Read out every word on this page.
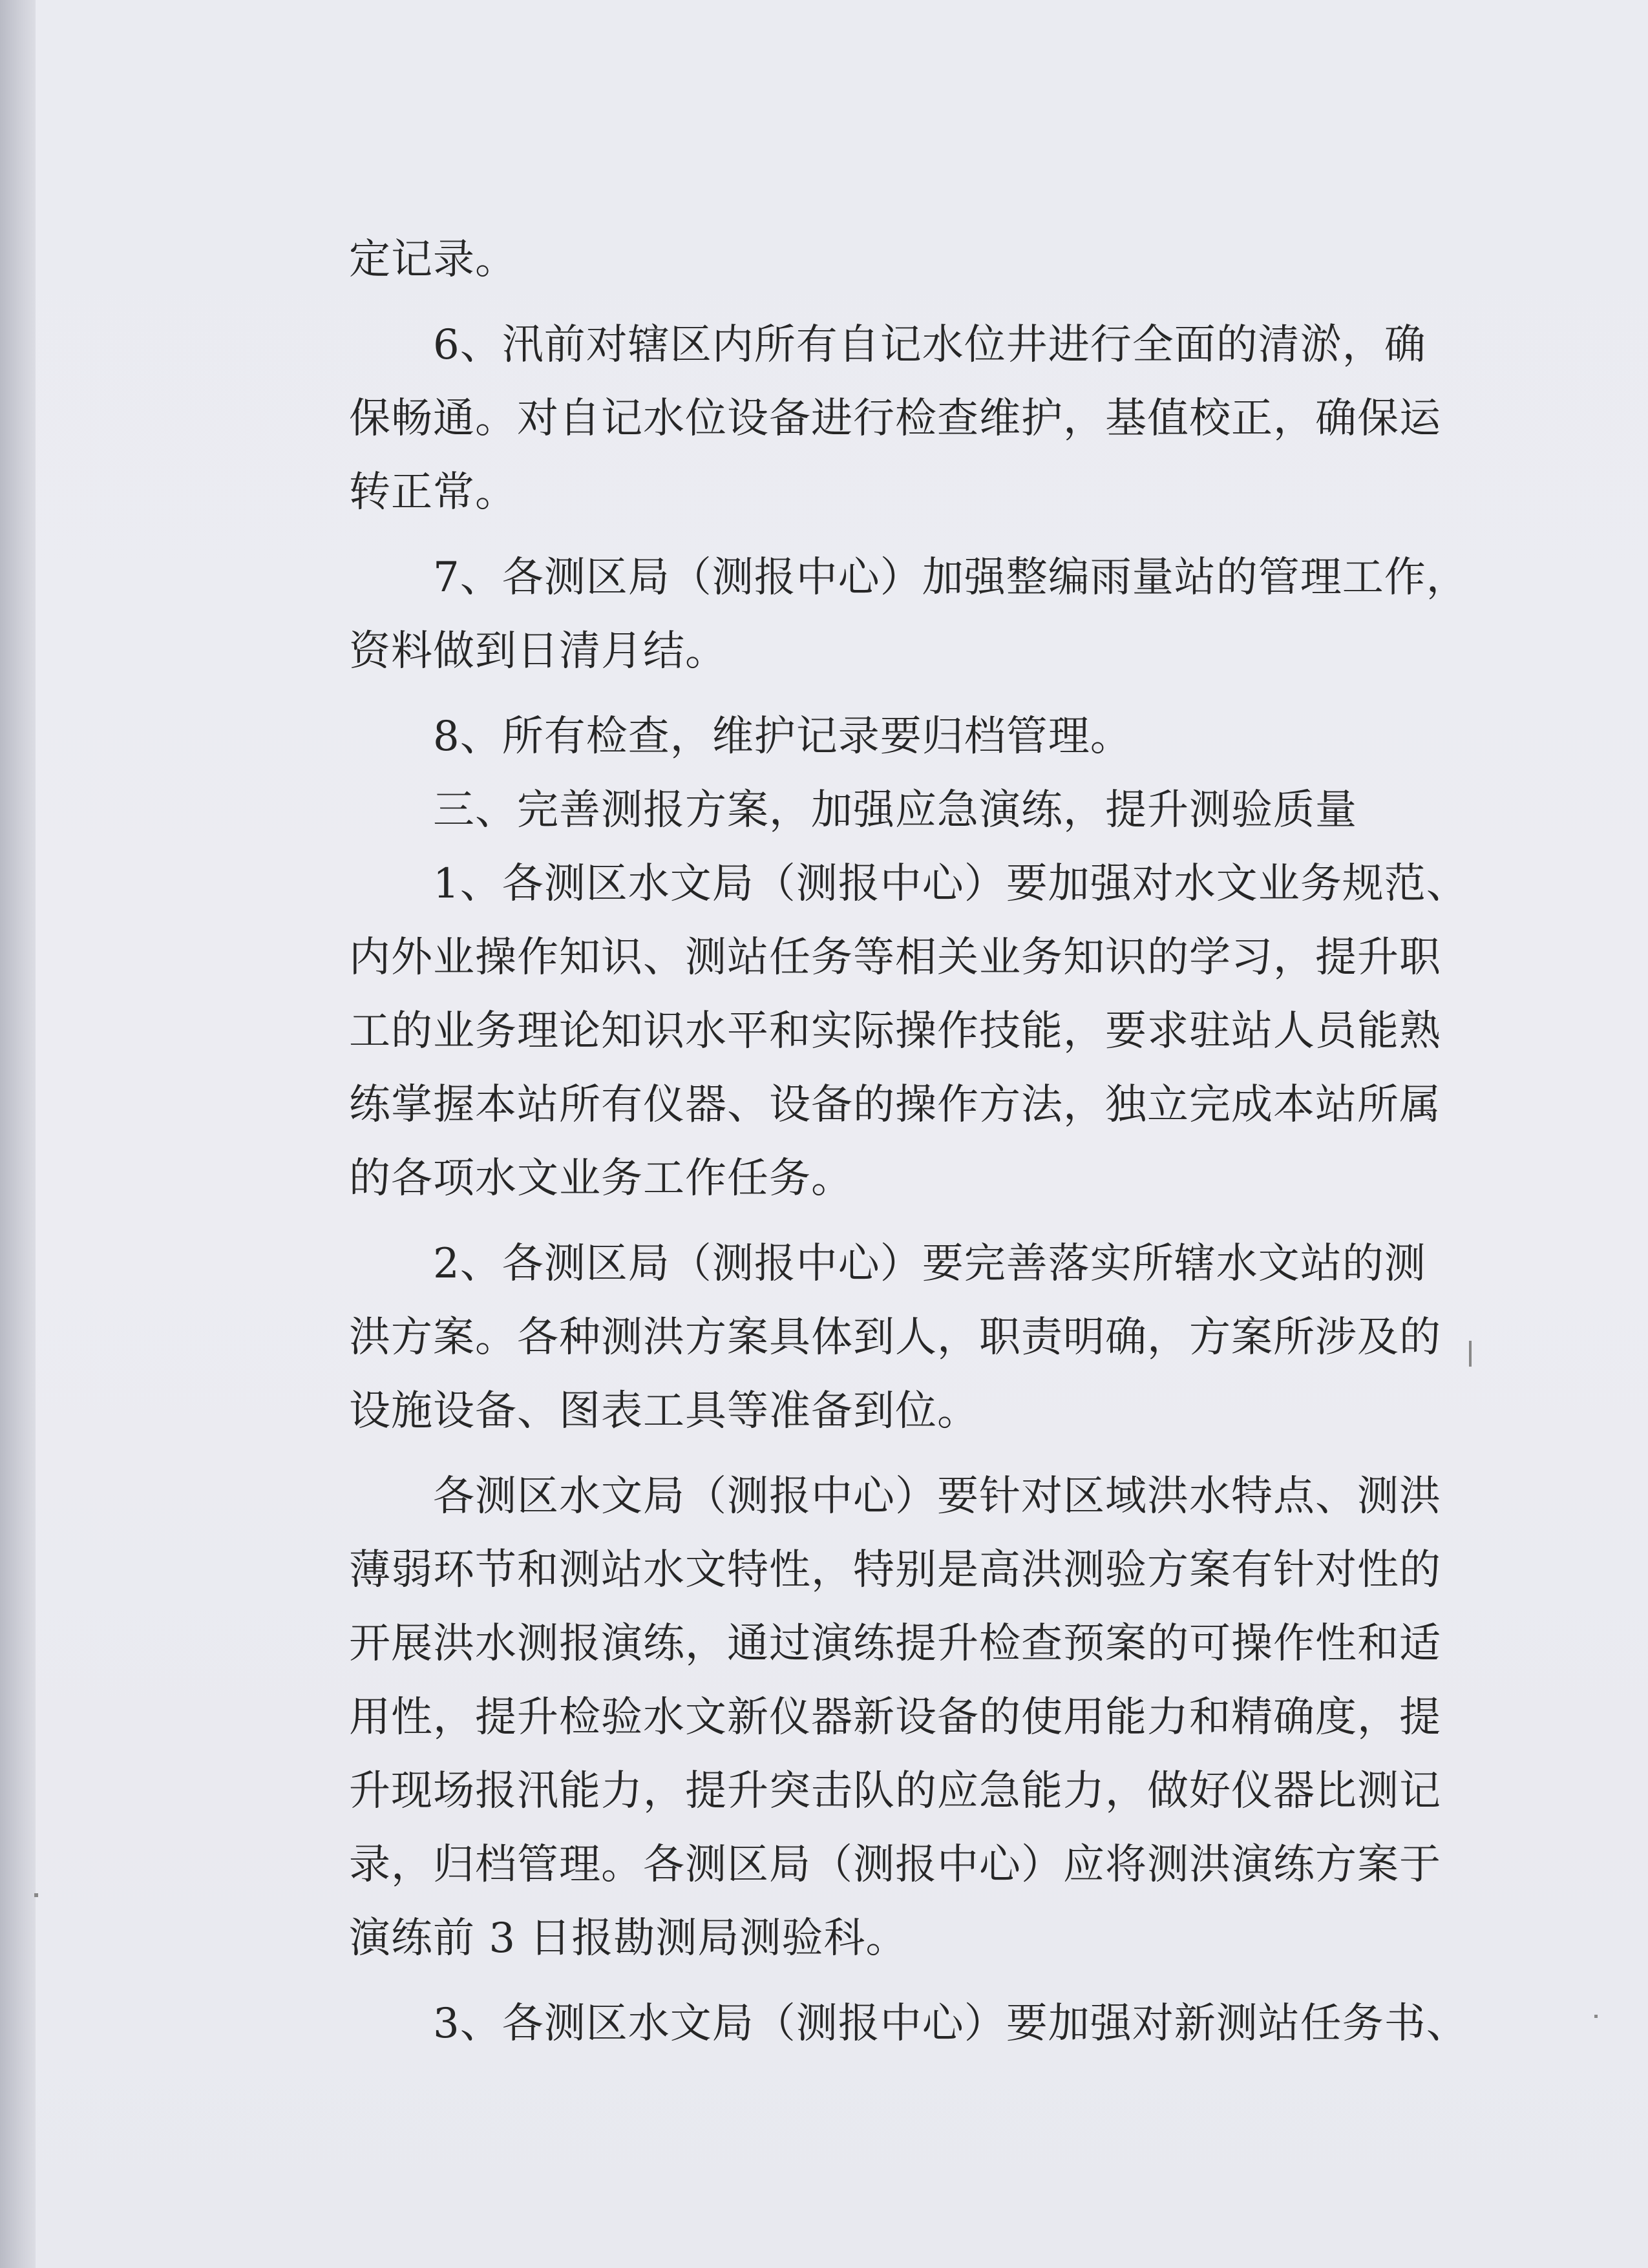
定记录。
6、汛前对辖区内所有自记水位井进行全面的清淤，确
保畅通。对自记水位设备进行检查维护，基值校正，确保运
转正常。
7、各测区局（测报中心）加强整编雨量站的管理工作，
资料做到日清月结。
8、所有检查，维护记录要归档管理。
三、完善测报方案，加强应急演练，提升测验质量
1、各测区水文局（测报中心）要加强对水文业务规范、
内外业操作知识、测站任务等相关业务知识的学习，提升职
工的业务理论知识水平和实际操作技能，要求驻站人员能熟
练掌握本站所有仪器、设备的操作方法，独立完成本站所属
的各项水文业务工作任务。
2、各测区局（测报中心）要完善落实所辖水文站的测
洪方案。各种测洪方案具体到人，职责明确，方案所涉及的
设施设备、图表工具等准备到位。
各测区水文局（测报中心）要针对区域洪水特点、测洪
薄弱环节和测站水文特性，特别是高洪测验方案有针对性的
开展洪水测报演练，通过演练提升检查预案的可操作性和适
用性，提升检验水文新仪器新设备的使用能力和精确度，提
升现场报汛能力，提升突击队的应急能力，做好仪器比测记
录，归档管理。各测区局（测报中心）应将测洪演练方案于
演练前 3 日报勘测局测验科。
3、各测区水文局（测报中心）要加强对新测站任务书、
